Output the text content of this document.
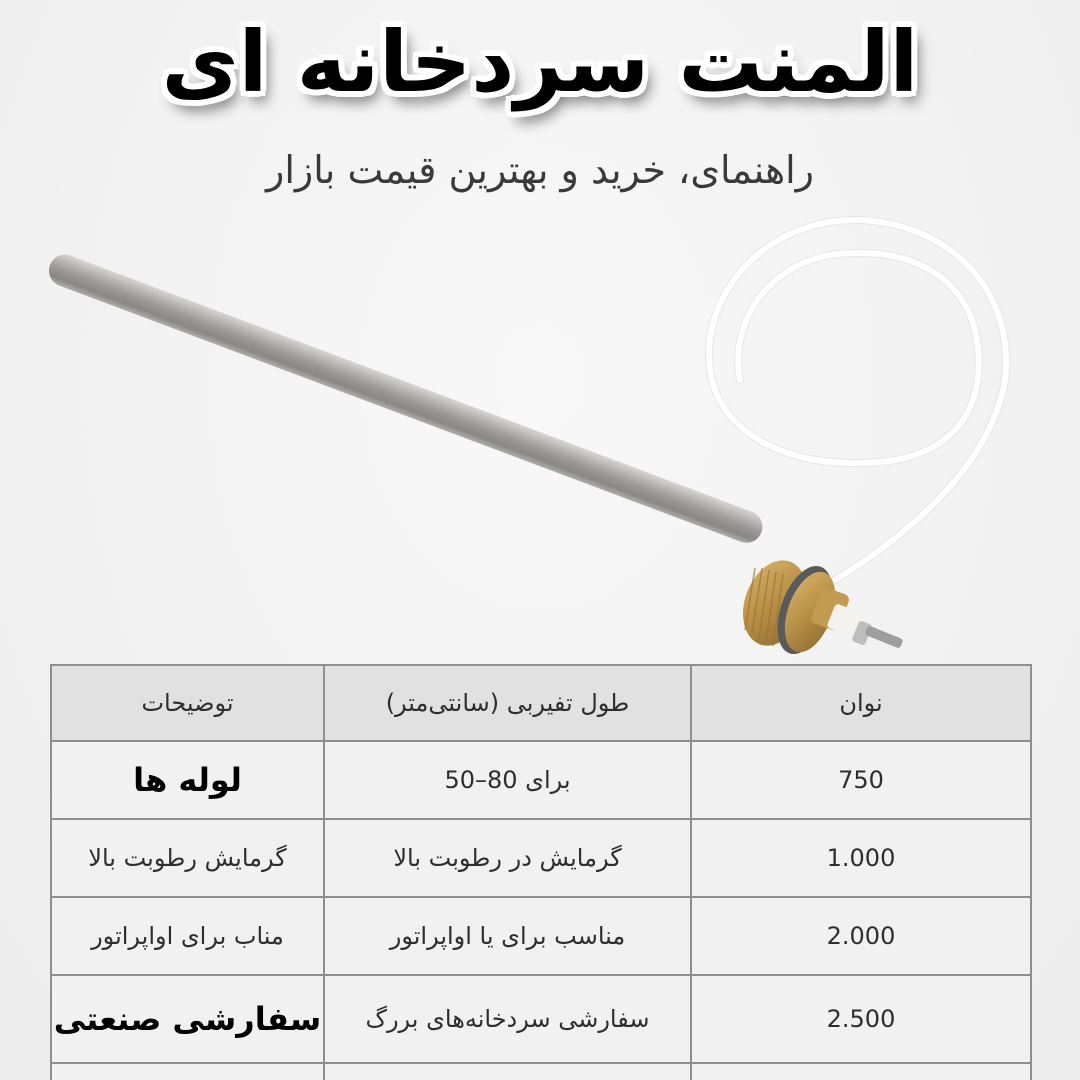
المنت سردخانه ای
راهنمای، خرید و بهترین قیمت بازار
نوان	طول تفیربی (سانتی‌متر)	تو‌ضیحات
750	برای 80–50	لوله ها
1.000	گرمایش در رطوبت بالا	گرمایش رطوبت بالا
2.000	مناسب برای یا اواپراتور	مناب برای اواپراتور
2.500	سفارشی سردخانه‌های بررگ	سفارشی صنعتی
